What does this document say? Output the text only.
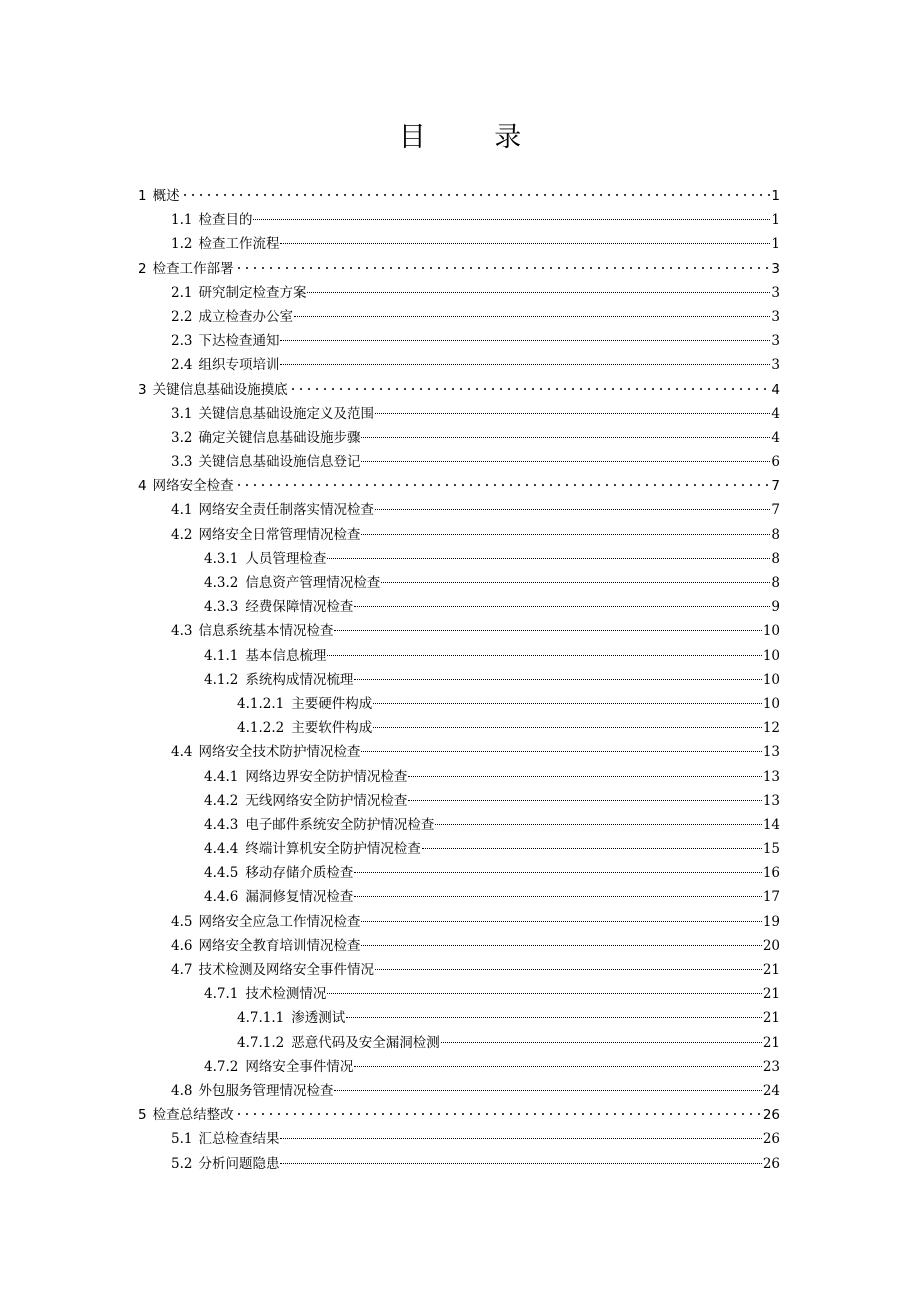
目 录
1 概述	1
1.1 检查目的	1
1.2 检查工作流程	1
2 检查工作部署	3
2.1 研究制定检查方案	3
2.2 成立检查办公室	3
2.3 下达检查通知	3
2.4 组织专项培训	3
3 关键信息基础设施摸底	4
3.1 关键信息基础设施定义及范围	4
3.2 确定关键信息基础设施步骤	4
3.3 关键信息基础设施信息登记	6
4 网络安全检查	7
4.1 网络安全责任制落实情况检查	7
4.2 网络安全日常管理情况检查	8
4.3.1 人员管理检查	8
4.3.2 信息资产管理情况检查	8
4.3.3 经费保障情况检查	9
4.3 信息系统基本情况检查	10
4.1.1 基本信息梳理	10
4.1.2 系统构成情况梳理	10
4.1.2.1 主要硬件构成	10
4.1.2.2 主要软件构成	12
4.4 网络安全技术防护情况检查	13
4.4.1 网络边界安全防护情况检查	13
4.4.2 无线网络安全防护情况检查	13
4.4.3 电子邮件系统安全防护情况检查	14
4.4.4 终端计算机安全防护情况检查	15
4.4.5 移动存储介质检查	16
4.4.6 漏洞修复情况检查	17
4.5 网络安全应急工作情况检查	19
4.6 网络安全教育培训情况检查	20
4.7 技术检测及网络安全事件情况	21
4.7.1 技术检测情况	21
4.7.1.1 渗透测试	21
4.7.1.2 恶意代码及安全漏洞检测	21
4.7.2 网络安全事件情况	23
4.8 外包服务管理情况检查	24
5 检查总结整改	26
5.1 汇总检查结果	26
5.2 分析问题隐患	26
